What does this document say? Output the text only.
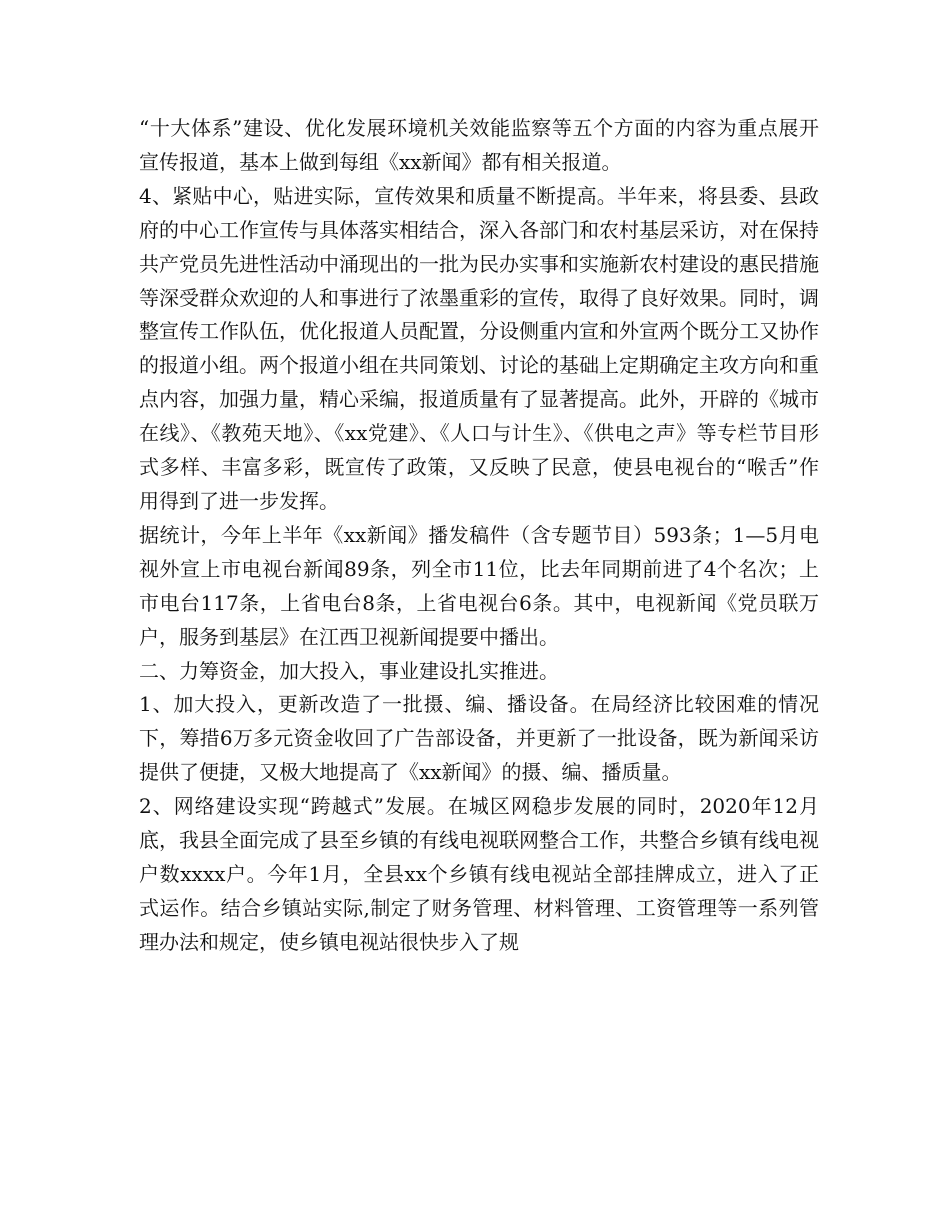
“十大体系”建设、优化发展环境机关效能监察等五个方面的内容为重点展开宣传报道，基本上做到每组《xx新闻》都有相关报道。

4、紧贴中心，贴进实际，宣传效果和质量不断提高。半年来，将县委、县政府的中心工作宣传与具体落实相结合，深入各部门和农村基层采访，对在保持共产党员先进性活动中涌现出的一批为民办实事和实施新农村建设的惠民措施等深受群众欢迎的人和事进行了浓墨重彩的宣传，取得了良好效果。同时，调整宣传工作队伍，优化报道人员配置，分设侧重内宣和外宣两个既分工又协作的报道小组。两个报道小组在共同策划、讨论的基础上定期确定主攻方向和重点内容，加强力量，精心采编，报道质量有了显著提高。此外，开辟的《城市在线》、《教苑天地》、《xx党建》、《人口与计生》、《供电之声》等专栏节目形式多样、丰富多彩，既宣传了政策，又反映了民意，使县电视台的“喉舌”作用得到了进一步发挥。

据统计，今年上半年《xx新闻》播发稿件（含专题节目）593条；1—5月电视外宣上市电视台新闻89条，列全市11位，比去年同期前进了4个名次；上市电台117条，上省电台8条，上省电视台6条。其中，电视新闻《党员联万户，服务到基层》在江西卫视新闻提要中播出。

二、力筹资金，加大投入，事业建设扎实推进。

1、加大投入，更新改造了一批摄、编、播设备。在局经济比较困难的情况下，筹措6万多元资金收回了广告部设备，并更新了一批设备，既为新闻采访提供了便捷，又极大地提高了《xx新闻》的摄、编、播质量。

2、网络建设实现“跨越式”发展。在城区网稳步发展的同时，2020年12月底，我县全面完成了县至乡镇的有线电视联网整合工作，共整合乡镇有线电视户数xxxx户。今年1月，全县xx个乡镇有线电视站全部挂牌成立，进入了正式运作。结合乡镇站实际,制定了财务管理、材料管理、工资管理等一系列管理办法和规定，使乡镇电视站很快步入了规
